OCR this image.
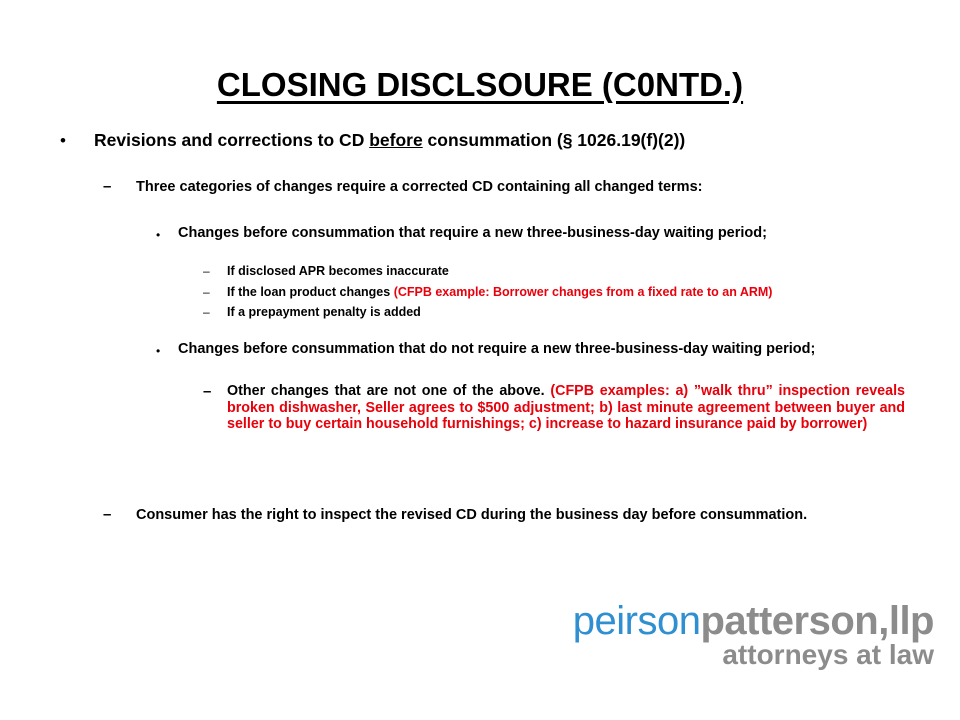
CLOSING DISCLSOURE (C0NTD.)
• Revisions and corrections to CD before consummation (§ 1026.19(f)(2))
– Three categories of changes require a corrected CD containing all changed terms:
• Changes before consummation that require a new three-business-day waiting period;
– If disclosed APR becomes inaccurate
– If the loan product changes (CFPB example: Borrower changes from a fixed rate to an ARM)
– If a prepayment penalty is added
• Changes before consummation that do not require a new three-business-day waiting period;
– Other changes that are not one of the above. (CFPB examples: a) ”walk thru” inspection reveals broken dishwasher, Seller agrees to $500 adjustment; b) last minute agreement between buyer and seller to buy certain household furnishings; c) increase to hazard insurance paid by borrower)
– Consumer has the right to inspect the revised CD during the business day before consummation.
peirsonpatterson,llp
attorneys at law
